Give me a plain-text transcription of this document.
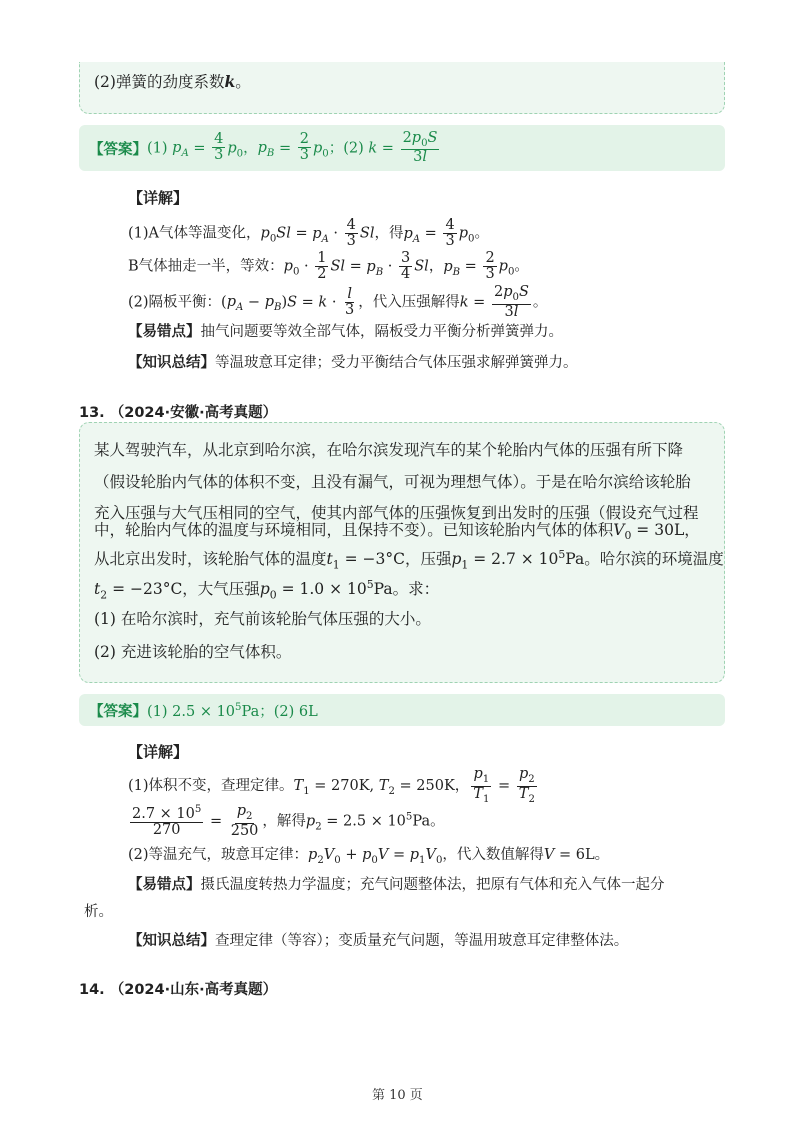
(2)弹簧的劲度系数k。
【答案】 (1) $p_A = \frac{4}{3} p_0$，$p_B = \frac{2}{3} p_0$；(2) $k = \frac{2p_0S}{3l}$
【详解】
(1)A气体等温变化，$p_0Sl = p_A \cdot \frac{4}{3}$ Sl，得$p_A = \frac{4}{3} p_0$。
B气体抽走一半，等效：$p_0 \cdot \frac{1}{2}$ $Sl = p_B \cdot \frac{3}{4}$ Sl，$p_B = \frac{2}{3} p_0$。
(2)隔板平衡：$(p_A - p_B)S = k \cdot \frac{l}{3}$ ，代入压强解得$k = \frac{2p_0S}{3l}$ 。
【易错点】抽气问题要等效全部气体，隔板受力平衡分析弹簧弹力。
【知识总结】等温玻意耳定律；受力平衡结合气体压强求解弹簧弹力。
13. （2024·安徽·高考真题）
某人驾驶汽车，从北京到哈尔滨，在哈尔滨发现汽车的某个轮胎内气体的压强有所下降
（假设轮胎内气体的体积不变，且没有漏气，可视为理想气体）。于是在哈尔滨给该轮胎
充入压强与大气压相同的空气，使其内部气体的压强恢复到出发时的压强（假设充气过程
中，轮胎内气体的温度与环境相同，且保持不变）。已知该轮胎内气体的体积$V_0 = 30L$，
从北京出发时，该轮胎气体的温度$t_1 = -3^\circ C$，压强$p_1 = 2.7 \times 10^5Pa$。哈尔滨的环境温度
$t_2 = -23^\circ C$，大气压强$p_0 = 1.0 \times 10^5Pa$。求：
(1) 在哈尔滨时，充气前该轮胎气体压强的大小。
(2) 充进该轮胎的空气体积。
【答案】 (1) $2.5 \times 10^5Pa$；(2) 6L
【详解】
(1)体积不变，查理定律。$T_1 = 270K$, $T_2 = 250K$， $\frac{p_1}{T_1} = \frac{p_2}{T_2}$
$\frac{2.7 \times 10^5}{270} = \frac{p_2}{250}$ ，解得$p_2 = 2.5 \times 10^5Pa$。
(2)等温充气，玻意耳定律：$p_2V_0 + p_0V = p_1V_0$，代入数值解得V = 6L。
【易错点】摄氏温度转热力学温度；充气问题整体法，把原有气体和充入气体一起分
析。
【知识总结】查理定律（等容）；变质量充气问题，等温用玻意耳定律整体法。
14. （2024·山东·高考真题）
第 10 页
